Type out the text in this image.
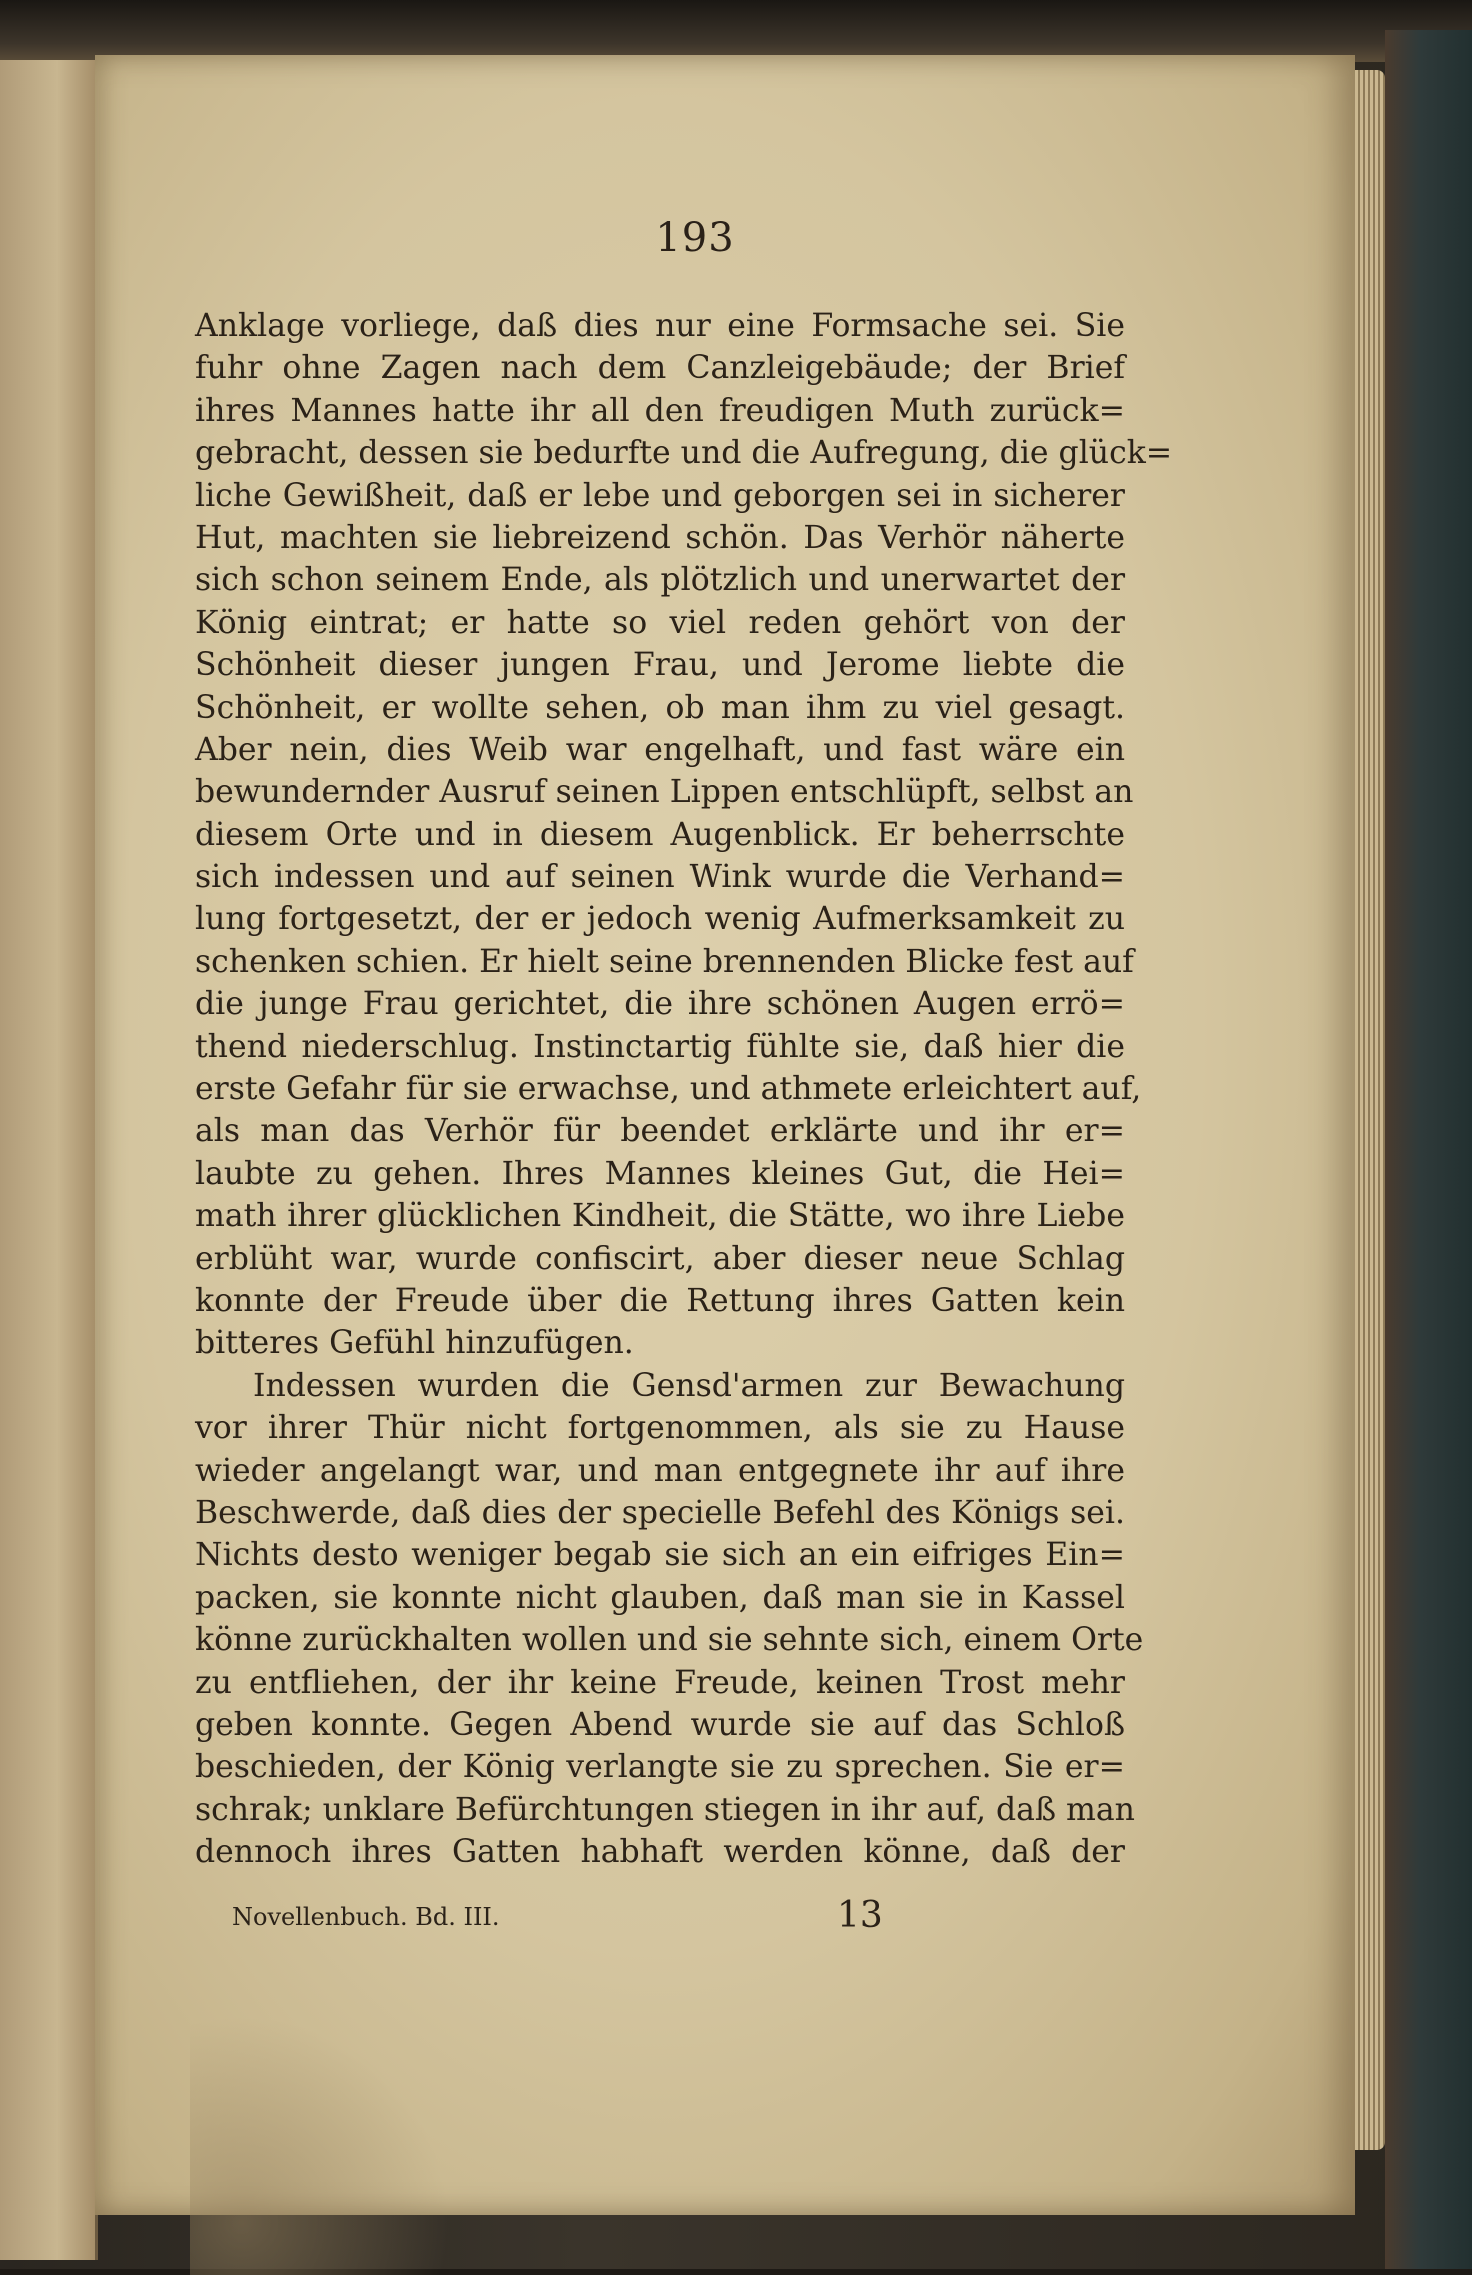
193
Anklage vorliege, daß dies nur eine Formsache sei. Sie
fuhr ohne Zagen nach dem Canzleigebäude; der Brief
ihres Mannes hatte ihr all den freudigen Muth zurück=
gebracht, dessen sie bedurfte und die Aufregung, die glück=
liche Gewißheit, daß er lebe und geborgen sei in sicherer
Hut, machten sie liebreizend schön. Das Verhör näherte
sich schon seinem Ende, als plötzlich und unerwartet der
König eintrat; er hatte so viel reden gehört von der
Schönheit dieser jungen Frau, und Jerome liebte die
Schönheit, er wollte sehen, ob man ihm zu viel gesagt.
Aber nein, dies Weib war engelhaft, und fast wäre ein
bewundernder Ausruf seinen Lippen entschlüpft, selbst an
diesem Orte und in diesem Augenblick. Er beherrschte
sich indessen und auf seinen Wink wurde die Verhand=
lung fortgesetzt, der er jedoch wenig Aufmerksamkeit zu
schenken schien. Er hielt seine brennenden Blicke fest auf
die junge Frau gerichtet, die ihre schönen Augen errö=
thend niederschlug. Instinctartig fühlte sie, daß hier die
erste Gefahr für sie erwachse, und athmete erleichtert auf,
als man das Verhör für beendet erklärte und ihr er=
laubte zu gehen. Ihres Mannes kleines Gut, die Hei=
math ihrer glücklichen Kindheit, die Stätte, wo ihre Liebe
erblüht war, wurde confiscirt, aber dieser neue Schlag
konnte der Freude über die Rettung ihres Gatten kein
bitteres Gefühl hinzufügen.
Indessen wurden die Gensd'armen zur Bewachung
vor ihrer Thür nicht fortgenommen, als sie zu Hause
wieder angelangt war, und man entgegnete ihr auf ihre
Beschwerde, daß dies der specielle Befehl des Königs sei.
Nichts desto weniger begab sie sich an ein eifriges Ein=
packen, sie konnte nicht glauben, daß man sie in Kassel
könne zurückhalten wollen und sie sehnte sich, einem Orte
zu entfliehen, der ihr keine Freude, keinen Trost mehr
geben konnte. Gegen Abend wurde sie auf das Schloß
beschieden, der König verlangte sie zu sprechen. Sie er=
schrak; unklare Befürchtungen stiegen in ihr auf, daß man
dennoch ihres Gatten habhaft werden könne, daß der
Novellenbuch. Bd. III.	13
